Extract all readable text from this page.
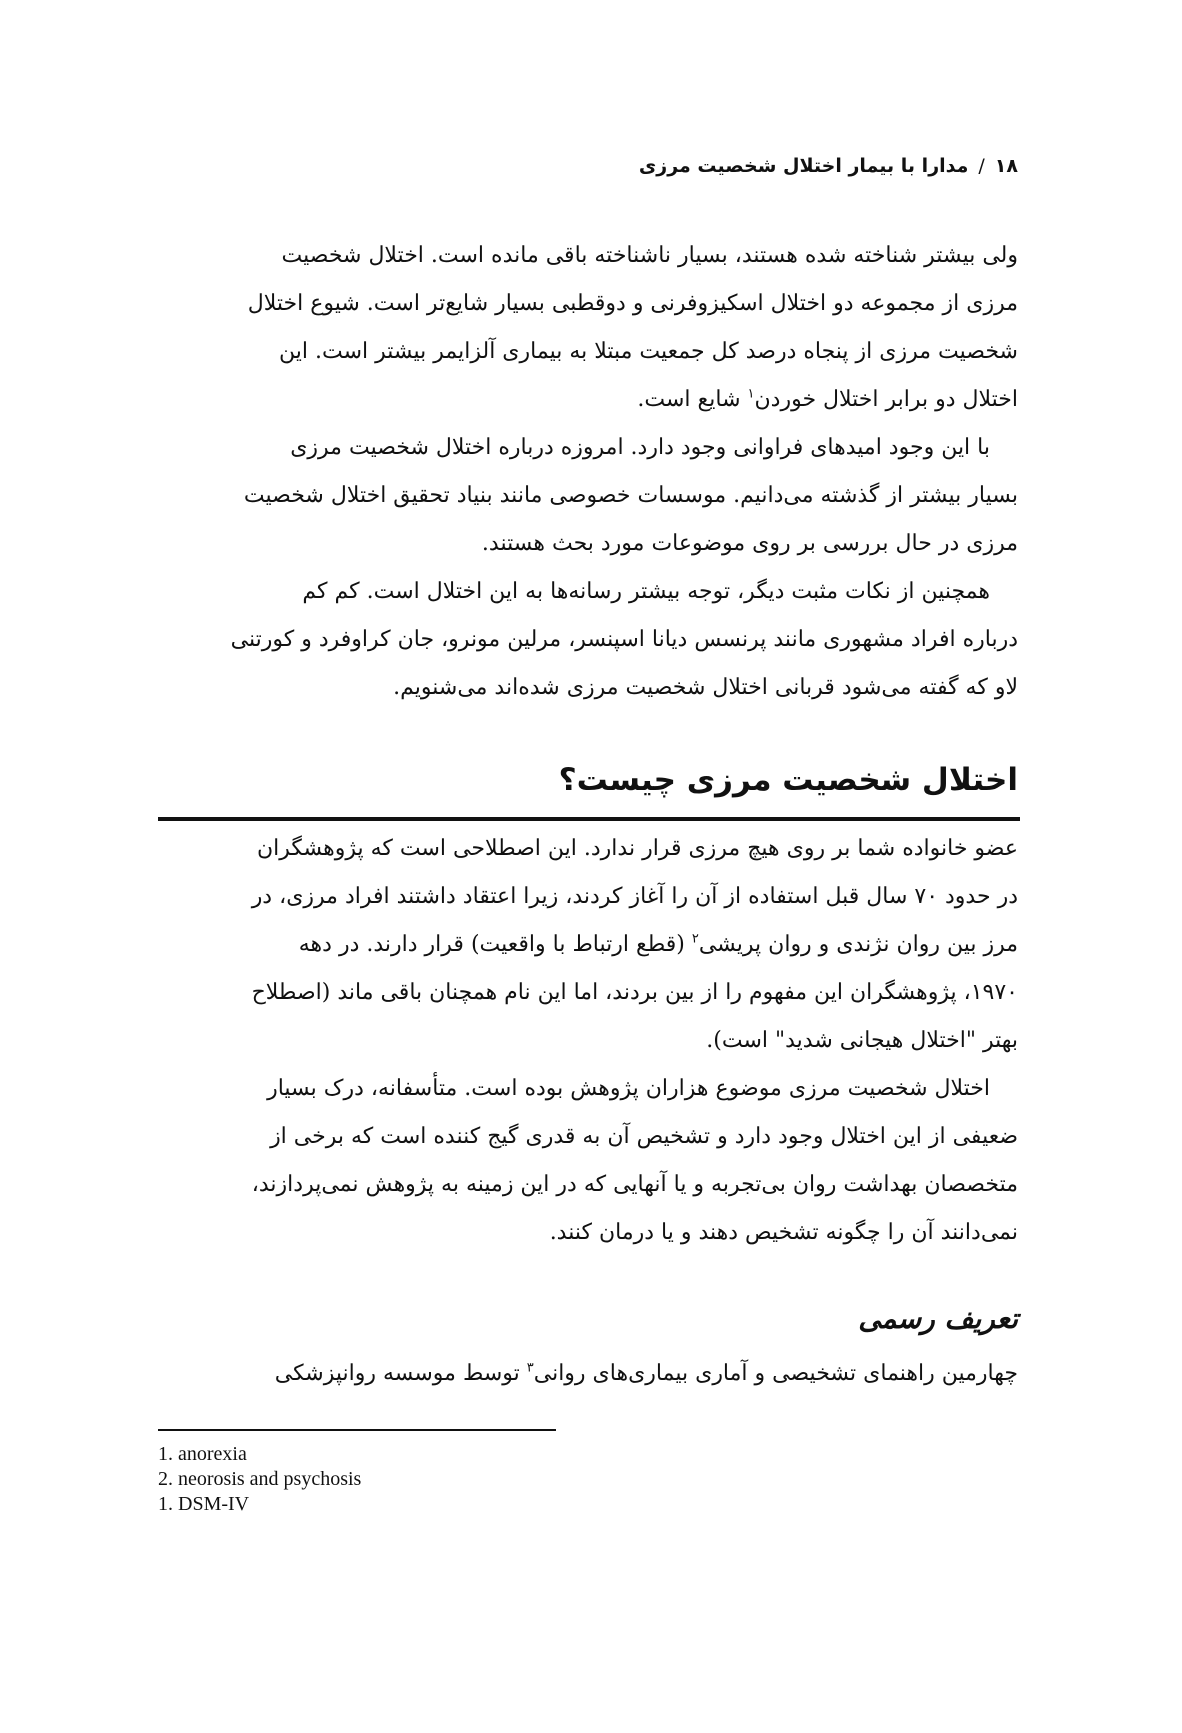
۱۸/مدارا با بیمار اختلال شخصیت مرزی
ولی بیشتر شناخته شده هستند، بسیار ناشناخته باقی مانده است. اختلال شخصیت
مرزی از مجموعه دو اختلال اسکیزوفرنی و دوقطبی بسیار شایع‌تر است. شیوع اختلال
شخصیت مرزی از پنجاه درصد کل جمعیت مبتلا به بیماری آلزایمر بیشتر است. این
اختلال دو برابر اختلال خوردن$^۱$ شایع است.
با این وجود امیدهای فراوانی وجود دارد. امروزه درباره اختلال شخصیت مرزی
بسیار بیشتر از گذشته می‌دانیم. موسسات خصوصی مانند بنیاد تحقیق اختلال شخصیت
مرزی در حال بررسی بر روی موضوعات مورد بحث هستند.
همچنین از نکات مثبت دیگر، توجه بیشتر رسانه‌ها به این اختلال است. کم کم
درباره افراد مشهوری مانند پرنسس دیانا اسپنسر، مرلین مونرو، جان کراوفرد و کورتنی
لاو که گفته می‌شود قربانی اختلال شخصیت مرزی شده‌اند می‌شنویم.
اختلال شخصیت مرزی چیست؟
عضو خانواده شما بر روی هیچ مرزی قرار ندارد. این اصطلاحی است که پژوهشگران
در حدود ۷۰ سال قبل استفاده از آن را آغاز کردند، زیرا اعتقاد داشتند افراد مرزی، در
مرز بین روان نژندی و روان پریشی$^۲$ (قطع ارتباط با واقعیت) قرار دارند. در دهه
۱۹۷۰، پژوهشگران این مفهوم را از بین بردند، اما این نام همچنان باقی ماند (اصطلاح
بهتر "اختلال هیجانی شدید" است).
اختلال شخصیت مرزی موضوع هزاران پژوهش بوده است. متأسفانه، درک بسیار
ضعیفی از این اختلال وجود دارد و تشخیص آن به قدری گیج کننده است که برخی از
متخصصان بهداشت روان بی‌تجربه و یا آنهایی که در این زمینه به پژوهش نمی‌پردازند،
نمی‌دانند آن را چگونه تشخیص دهند و یا درمان کنند.
تعریف رسمی
چهارمین راهنمای تشخیصی و آماری بیماری‌های روانی$^۳$ توسط موسسه روانپزشکی
1. anorexia
2. neorosis and psychosis
1. DSM-IV
